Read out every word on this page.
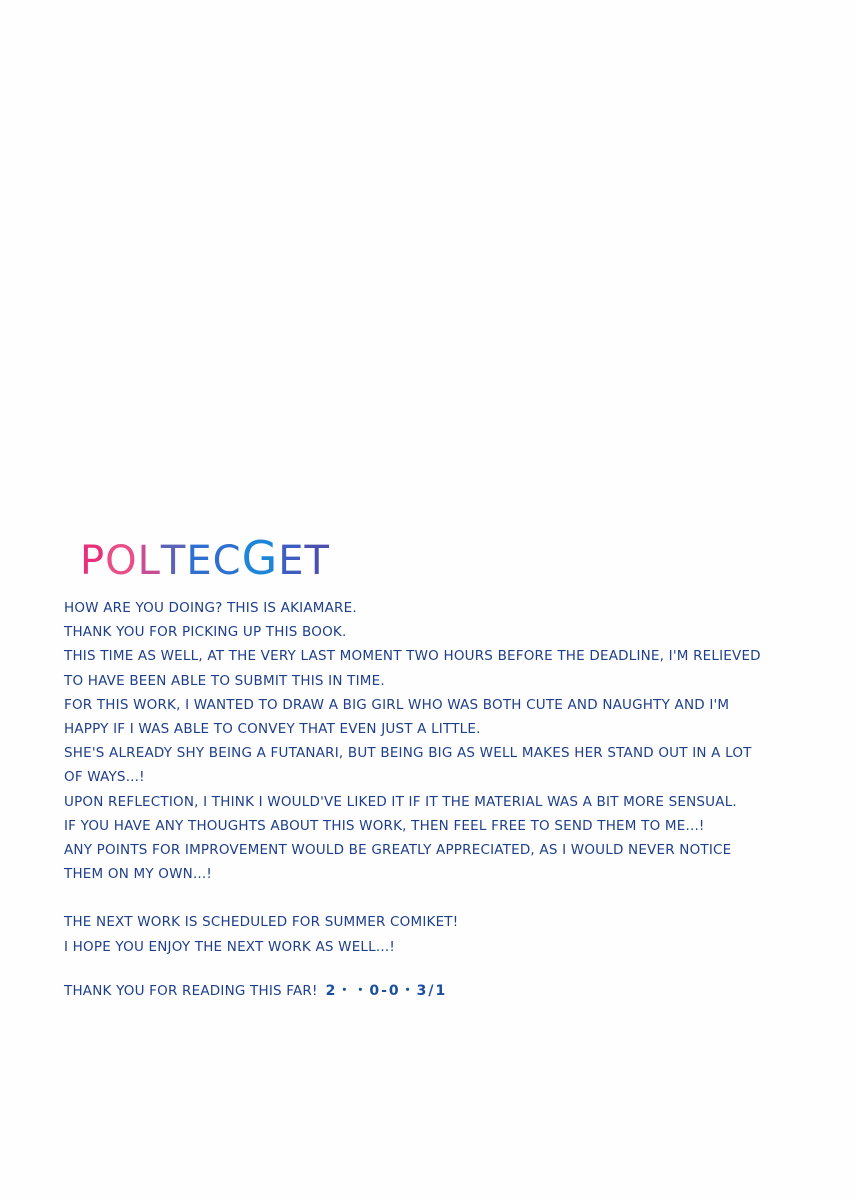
POLTECGET
HOW ARE YOU DOING? THIS IS AKIAMARE.
THANK YOU FOR PICKING UP THIS BOOK.
THIS TIME AS WELL, AT THE VERY LAST MOMENT TWO HOURS BEFORE THE DEADLINE, I'M RELIEVED
TO HAVE BEEN ABLE TO SUBMIT THIS IN TIME.
FOR THIS WORK, I WANTED TO DRAW A BIG GIRL WHO WAS BOTH CUTE AND NAUGHTY AND I'M
HAPPY IF I WAS ABLE TO CONVEY THAT EVEN JUST A LITTLE.
SHE'S ALREADY SHY BEING A FUTANARI, BUT BEING BIG AS WELL MAKES HER STAND OUT IN A LOT
OF WAYS...!
UPON REFLECTION, I THINK I WOULD'VE LIKED IT IF IT THE MATERIAL WAS A BIT MORE SENSUAL.
IF YOU HAVE ANY THOUGHTS ABOUT THIS WORK, THEN FEEL FREE TO SEND THEM TO ME...!
ANY POINTS FOR IMPROVEMENT WOULD BE GREATLY APPRECIATED, AS I WOULD NEVER NOTICE
THEM ON MY OWN...!
THE NEXT WORK IS SCHEDULED FOR SUMMER COMIKET!
I HOPE YOU ENJOY THE NEXT WORK AS WELL...!
THANK YOU FOR READING THIS FAR! 2・・0-0・3/1
